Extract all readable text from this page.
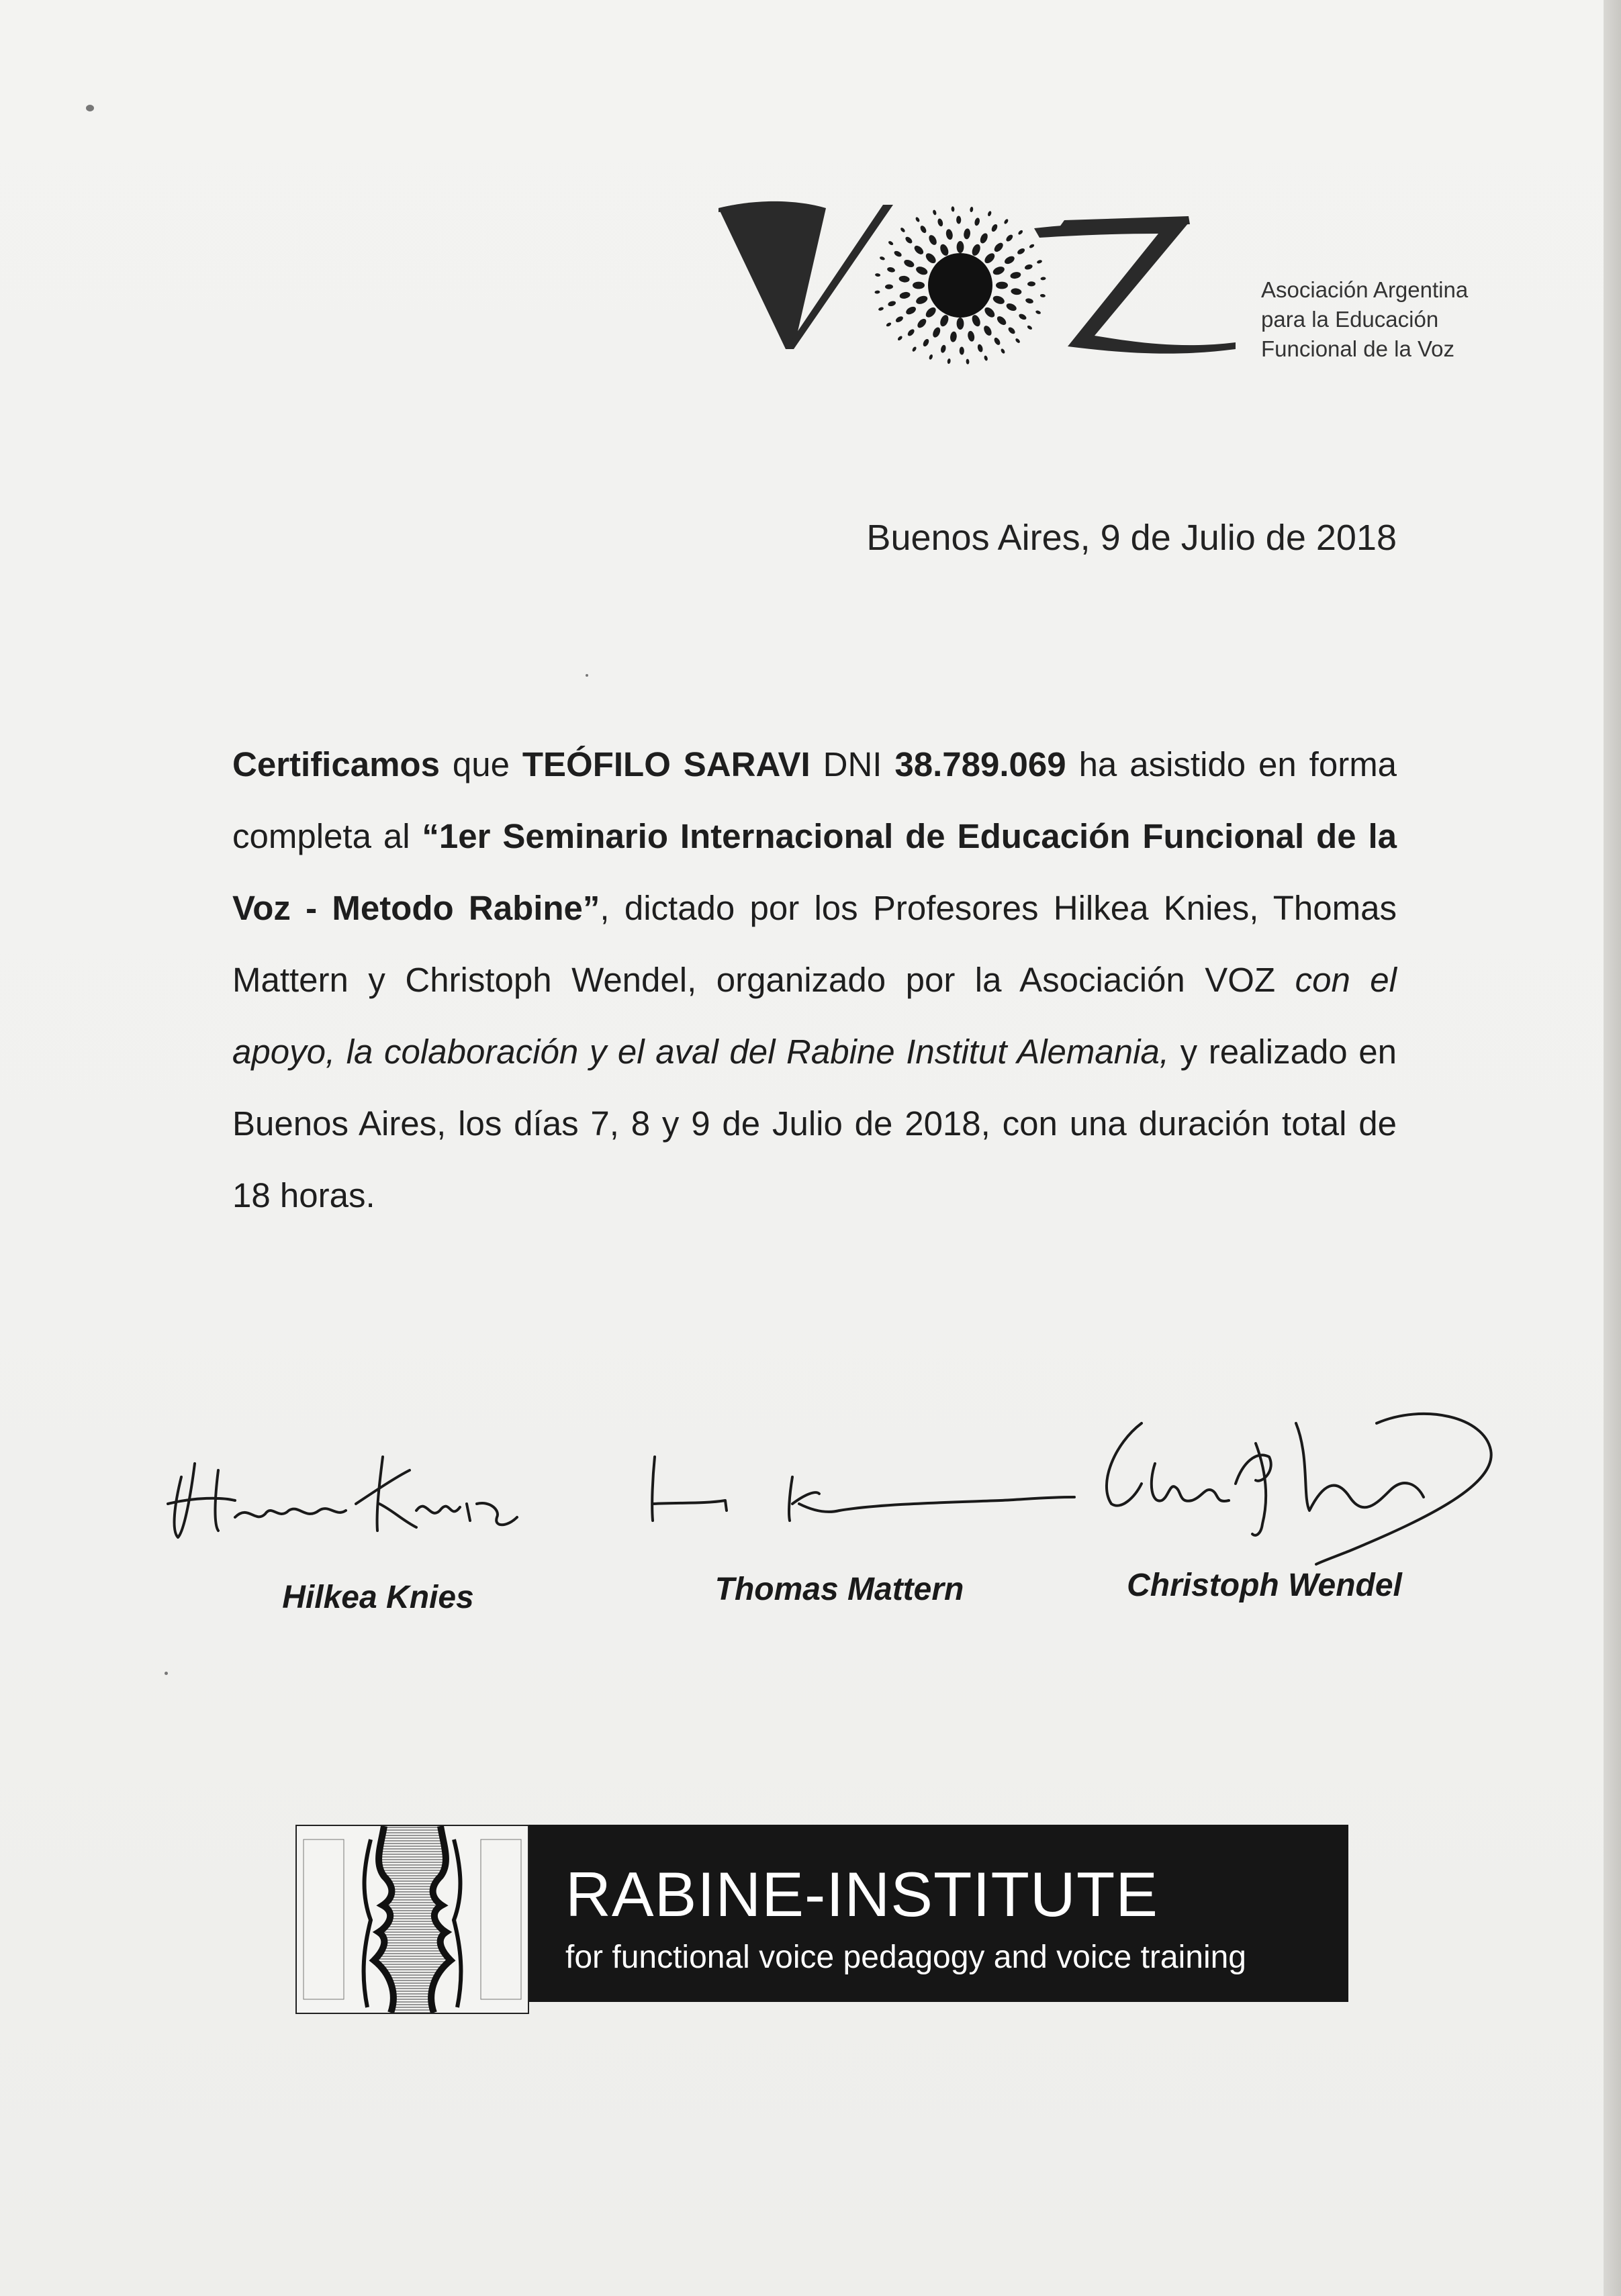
Asociación Argentina
para la Educación
Funcional de la Voz
Buenos Aires, 9 de Julio de 2018
Certificamos que TEÓFILO SARAVI DNI 38.789.069 ha asistido en forma completa al “1er Seminario Internacional de Educación Funcional de la Voz - Metodo Rabine”, dictado por los Profesores Hilkea Knies, Thomas Mattern y Christoph Wendel, organizado por la Asociación VOZ con el apoyo, la colaboración y el aval del Rabine Institut Alemania, y realizado en Buenos Aires, los días 7, 8 y 9 de Julio de 2018, con una duración total de 18 horas.
Hilkea Knies	Thomas Mattern	Christoph Wendel
RABINE-INSTITUTE
for functional voice pedagogy and voice training
